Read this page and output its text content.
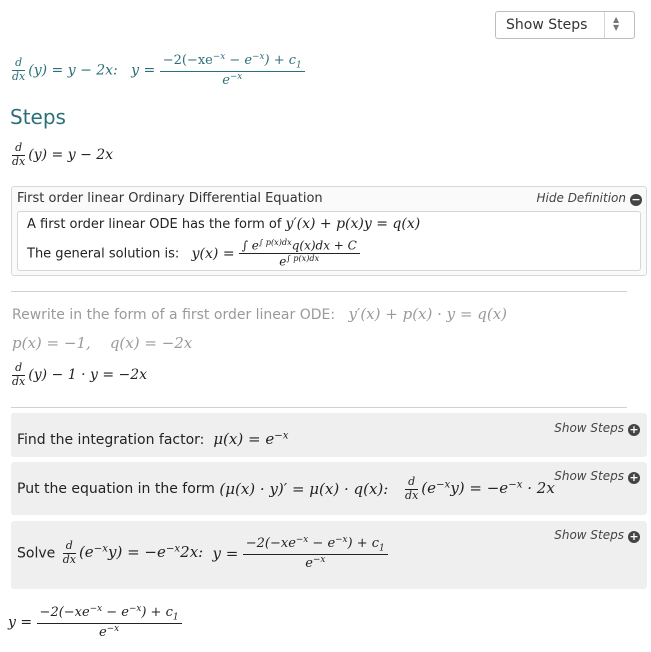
Show Steps	▲
▼
$\frac{d}{dx} (y) = y - 2x$: $y = \frac{-2(-xe^{-x} - e^{-x}) + c_1}{e^{-x}}$
Steps
$\frac{d}{dx} (y) = y - 2x$
First order linear Ordinary Differential Equation	Hide Definition −
A first order linear ODE has the form of y′(x) + p(x)y = q(x)
The general solution is: $y(x) = \frac{\int e^{\int p(x)dx}q(x)dx + C}{e^{\int p(x)dx}}$
Rewrite in the form of a first order linear ODE: y′(x) + p(x) · y = q(x)
p(x) = −1, q(x) = −2x
$\frac{d}{dx} (y) - 1 \cdot y = -2x$
Find the integration factor: $\mu(x) = e^{-x}$
Show Steps +
Put the equation in the form (μ(x) · y)′ = μ(x) · q(x): $\frac{d}{dx} (e^{-x}y) = -e^{-x} \cdot 2x$
Show Steps +
Solve $\frac{d}{dx} (e^{-x}y) = -e^{-x}2x$: $y = \frac{-2(-xe^{-x} - e^{-x}) + c_1}{e^{-x}}$	Show Steps +
$y = \frac{-2(-xe^{-x} - e^{-x}) + c_1}{e^{-x}}$
